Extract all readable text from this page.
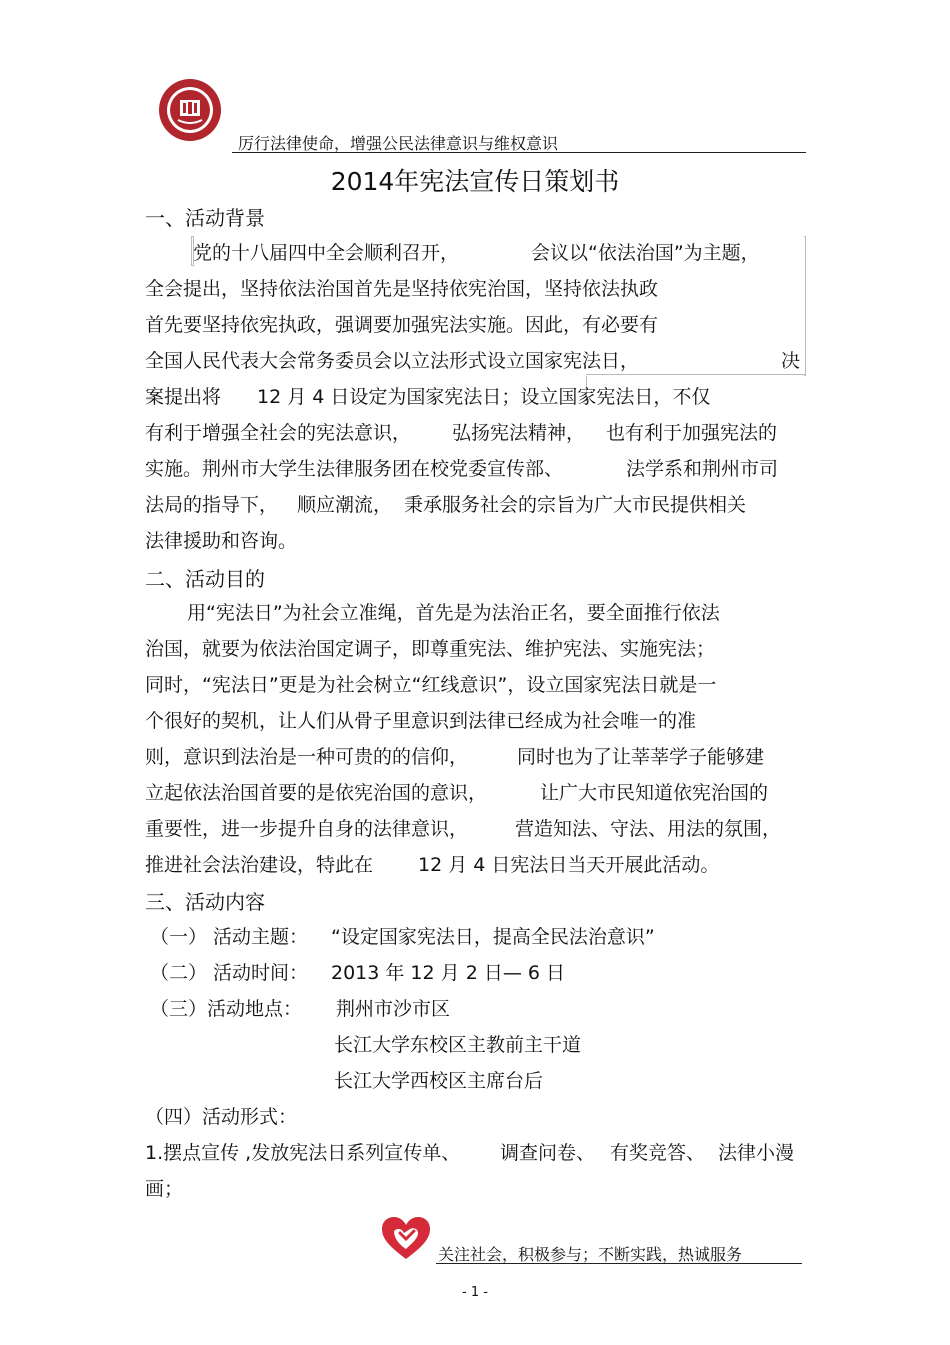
厉行法律使命，增强公民法律意识与维权意识
2014年宪法宣传日策划书
一、活动背景
党的十八届四中全会顺利召开，	会议以“依法治国”为主题，
全会提出，坚持依法治国首先是坚持依宪治国，坚持依法执政
首先要坚持依宪执政，强调要加强宪法实施。因此，有必要有
全国人民代表大会常务委员会以立法形式设立国家宪法日，	决
案提出将 12 月 4 日设定为国家宪法日；设立国家宪法日，不仅
有利于增强全社会的宪法意识， 弘扬宪法精神， 也有利于加强宪法的
实施。荆州市大学生法律服务团在校党委宣传部、	法学系和荆州市司
法局的指导下， 顺应潮流， 秉承服务社会的宗旨为广大市民提供相关
法律援助和咨询。
二、活动目的
用“宪法日”为社会立准绳，首先是为法治正名，要全面推行依法
治国，就要为依法治国定调子，即尊重宪法、维护宪法、实施宪法；
同时，“宪法日”更是为社会树立“红线意识”，设立国家宪法日就是一
个很好的契机，让人们从骨子里意识到法律已经成为社会唯一的准
则，意识到法治是一种可贵的的信仰，	同时也为了让莘莘学子能够建
立起依法治国首要的是依宪治国的意识，	让广大市民知道依宪治国的
重要性，进一步提升自身的法律意识， 营造知法、守法、用法的氛围，
推进社会法治建设，特此在 12 月 4 日宪法日当天开展此活动。
三、活动内容
（一） 活动主题： “设定国家宪法日，提高全民法治意识”
（二） 活动时间： 2013 年 12 月 2 日— 6 日
（三）活动地点： 荆州市沙市区
长江大学东校区主教前主干道
长江大学西校区主席台后
（四）活动形式：
1.摆点宣传 ,发放宪法日系列宣传单、 调查问卷、 有奖竞答、 法律小漫
画；
关注社会，积极参与；不断实践，热诚服务
- 1 -
